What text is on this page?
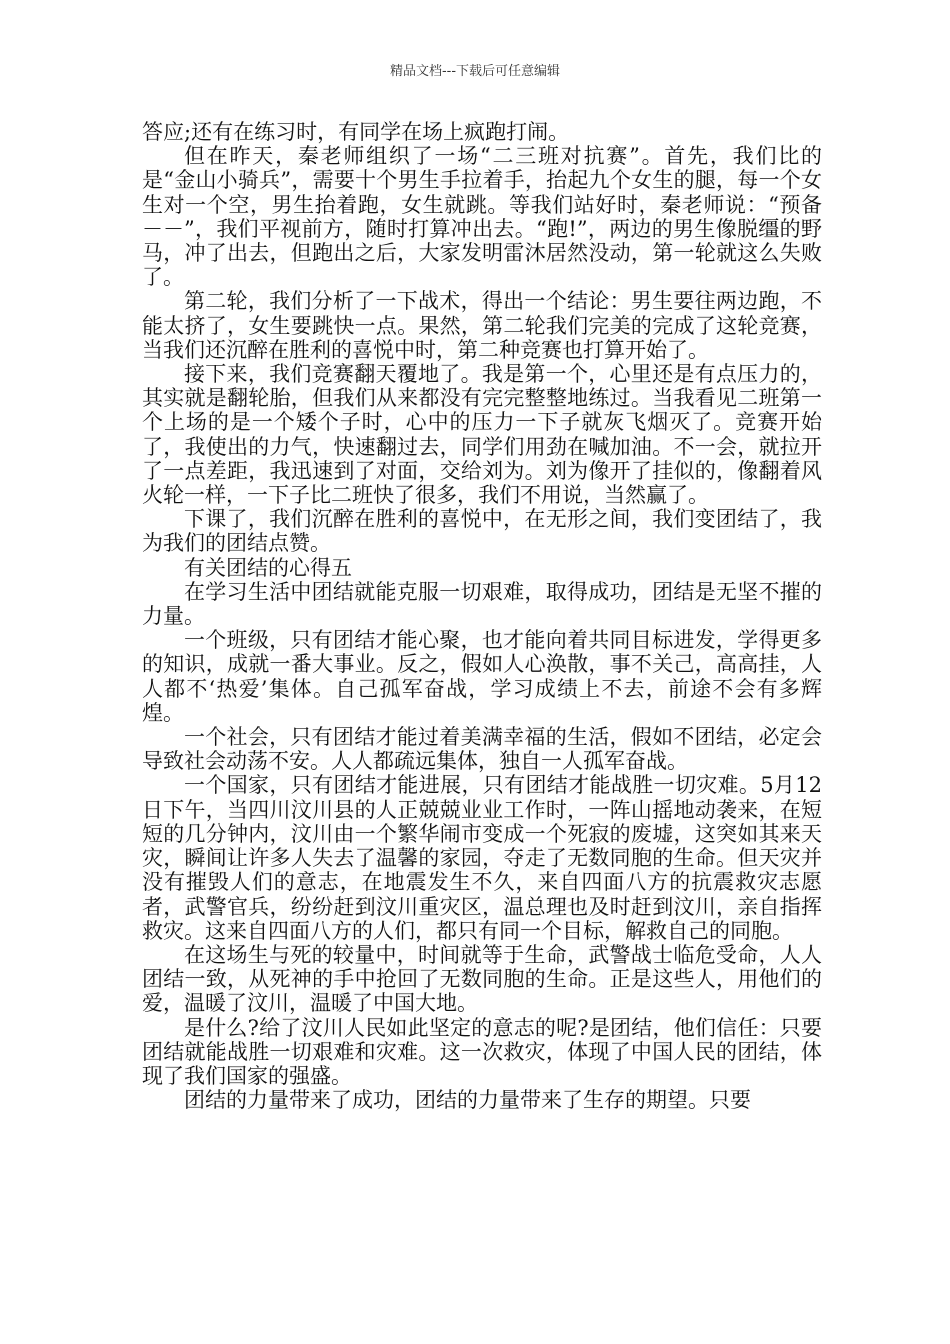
精品文档---下载后可任意编辑

答应;还有在练习时，有同学在场上疯跑打闹。

但在昨天，秦老师组织了一场“二三班对抗赛”。首先，我们比的是“金山小骑兵”，需要十个男生手拉着手，抬起九个女生的腿，每一个女生对一个空，男生抬着跑，女生就跳。等我们站好时，秦老师说：“预备－－”，我们平视前方，随时打算冲出去。“跑!”，两边的男生像脱缰的野马，冲了出去，但跑出之后，大家发明雷沐居然没动，第一轮就这么失败了。

第二轮，我们分析了一下战术，得出一个结论：男生要往两边跑，不能太挤了，女生要跳快一点。果然，第二轮我们完美的完成了这轮竞赛，当我们还沉醉在胜利的喜悦中时，第二种竞赛也打算开始了。

接下来，我们竞赛翻天覆地了。我是第一个，心里还是有点压力的，其实就是翻轮胎，但我们从来都没有完完整整地练过。当我看见二班第一个上场的是一个矮个子时，心中的压力一下子就灰飞烟灭了。竞赛开始了，我使出的力气，快速翻过去，同学们用劲在喊加油。不一会，就拉开了一点差距，我迅速到了对面，交给刘为。刘为像开了挂似的，像翻着风火轮一样，一下子比二班快了很多，我们不用说，当然赢了。

下课了，我们沉醉在胜利的喜悦中，在无形之间，我们变团结了，我为我们的团结点赞。

有关团结的心得五

在学习生活中团结就能克服一切艰难，取得成功，团结是无坚不摧的力量。

一个班级，只有团结才能心聚，也才能向着共同目标进发，学得更多的知识，成就一番大事业。反之，假如人心涣散，事不关己，高高挂，人人都不‘热爱’集体。自己孤军奋战，学习成绩上不去，前途不会有多辉煌。

一个社会，只有团结才能过着美满幸福的生活，假如不团结，必定会导致社会动荡不安。人人都疏远集体，独自一人孤军奋战。

一个国家，只有团结才能进展，只有团结才能战胜一切灾难。5月12日下午，当四川汶川县的人正兢兢业业工作时，一阵山摇地动袭来，在短短的几分钟内，汶川由一个繁华闹市变成一个死寂的废墟，这突如其来天灾，瞬间让许多人失去了温馨的家园，夺走了无数同胞的生命。但天灾并没有摧毁人们的意志，在地震发生不久，来自四面八方的抗震救灾志愿者，武警官兵，纷纷赶到汶川重灾区，温总理也及时赶到汶川，亲自指挥救灾。这来自四面八方的人们，都只有同一个目标，解救自己的同胞。

在这场生与死的较量中，时间就等于生命，武警战士临危受命，人人团结一致，从死神的手中抢回了无数同胞的生命。正是这些人，用他们的爱，温暖了汶川，温暖了中国大地。

是什么?给了汶川人民如此坚定的意志的呢?是团结，他们信任：只要团结就能战胜一切艰难和灾难。这一次救灾，体现了中国人民的团结，体现了我们国家的强盛。

团结的力量带来了成功，团结的力量带来了生存的期望。只要
